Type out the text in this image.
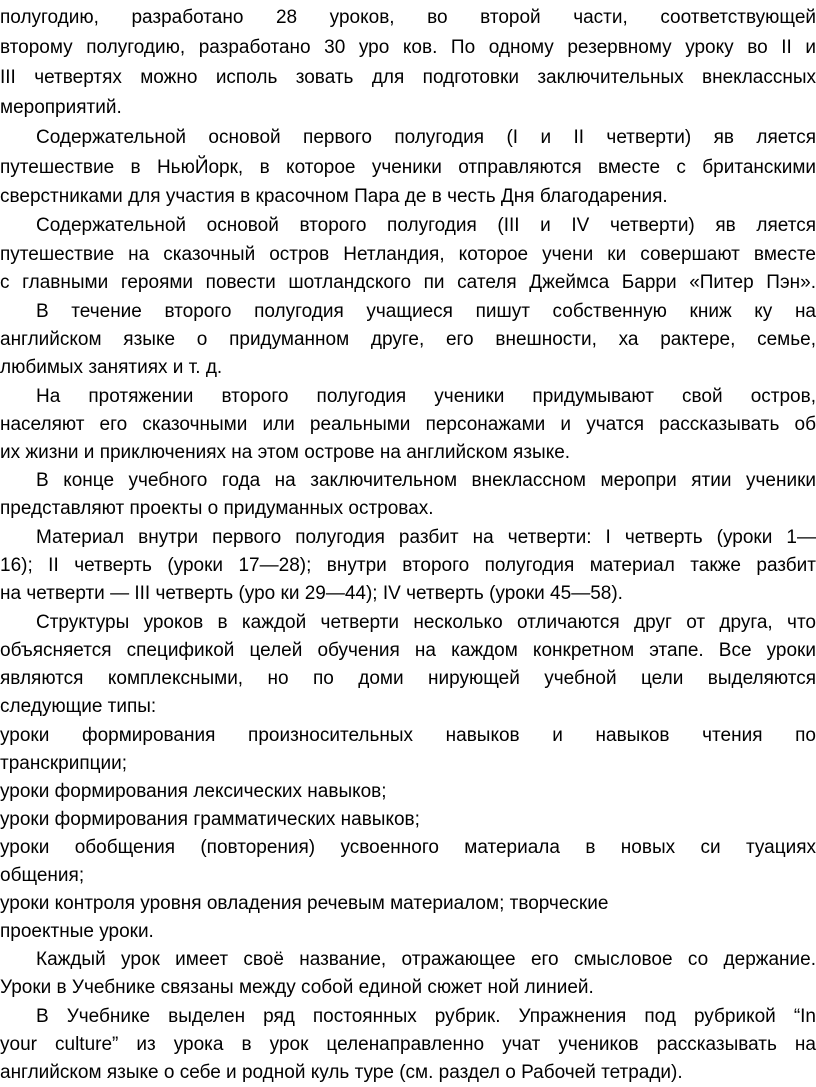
полугодию, разработано 28 уроков, во второй части, соответствующей
второму полугодию, разработано 30 уро ков. По одному резервному уроку во II и
III четвертях можно исполь зовать для подготовки заключительных внеклассных
мероприятий.
Содержательной основой первого полугодия (I и II четверти) яв ляется
путешествие в НьюЙорк, в которое ученики отправляются вместе с британскими
сверстниками для участия в красочном Пара де в честь Дня благодарения.
Содержательной основой второго полугодия (III и IV четверти) яв ляется
путешествие на сказочный остров Нетландия, которое учени ки совершают вместе
с главными героями повести шотландского пи сателя Джеймса Барри «Питер Пэн».
В течение второго полугодия учащиеся пишут собственную книж ку на
английском языке о придуманном друге, его внешности, ха рактере, семье,
любимых занятиях и т. д.
На протяжении второго полугодия ученики придумывают свой остров,
населяют его сказочными или реальными персонажами и учатся рассказывать об
их жизни и приключениях на этом острове на английском языке.
В конце учебного года на заключительном внеклассном меропри ятии ученики
представляют проекты о придуманных островах.
Материал внутри первого полугодия разбит на четверти: I четверть (уроки 1—
16); II четверть (уроки 17—28); внутри второго полугодия материал также разбит
на четверти — III четверть (уро ки 29—44); IV четверть (уроки 45—58).
Структуры уроков в каждой четверти несколько отличаются друг от друга, что
объясняется спецификой целей обучения на каждом конкретном этапе. Все уроки
являются комплексными, но по доми нирующей учебной цели выделяются
следующие типы:
уроки формирования произносительных навыков и навыков чтения по
транскрипции;
уроки формирования лексических навыков;
уроки формирования грамматических навыков;
уроки обобщения (повторения) усвоенного материала в новых си туациях
общения;
уроки контроля уровня овладения речевым материалом; творческие
проектные уроки.
Каждый урок имеет своё название, отражающее его смысловое со держание.
Уроки в Учебнике связаны между собой единой сюжет ной линией.
В Учебнике выделен ряд постоянных рубрик. Упражнения под рубрикой “In
your culture” из урока в урок целенаправленно учат учеников рассказывать на
английском языке о себе и родной куль туре (см. раздел о Рабочей тетради).
